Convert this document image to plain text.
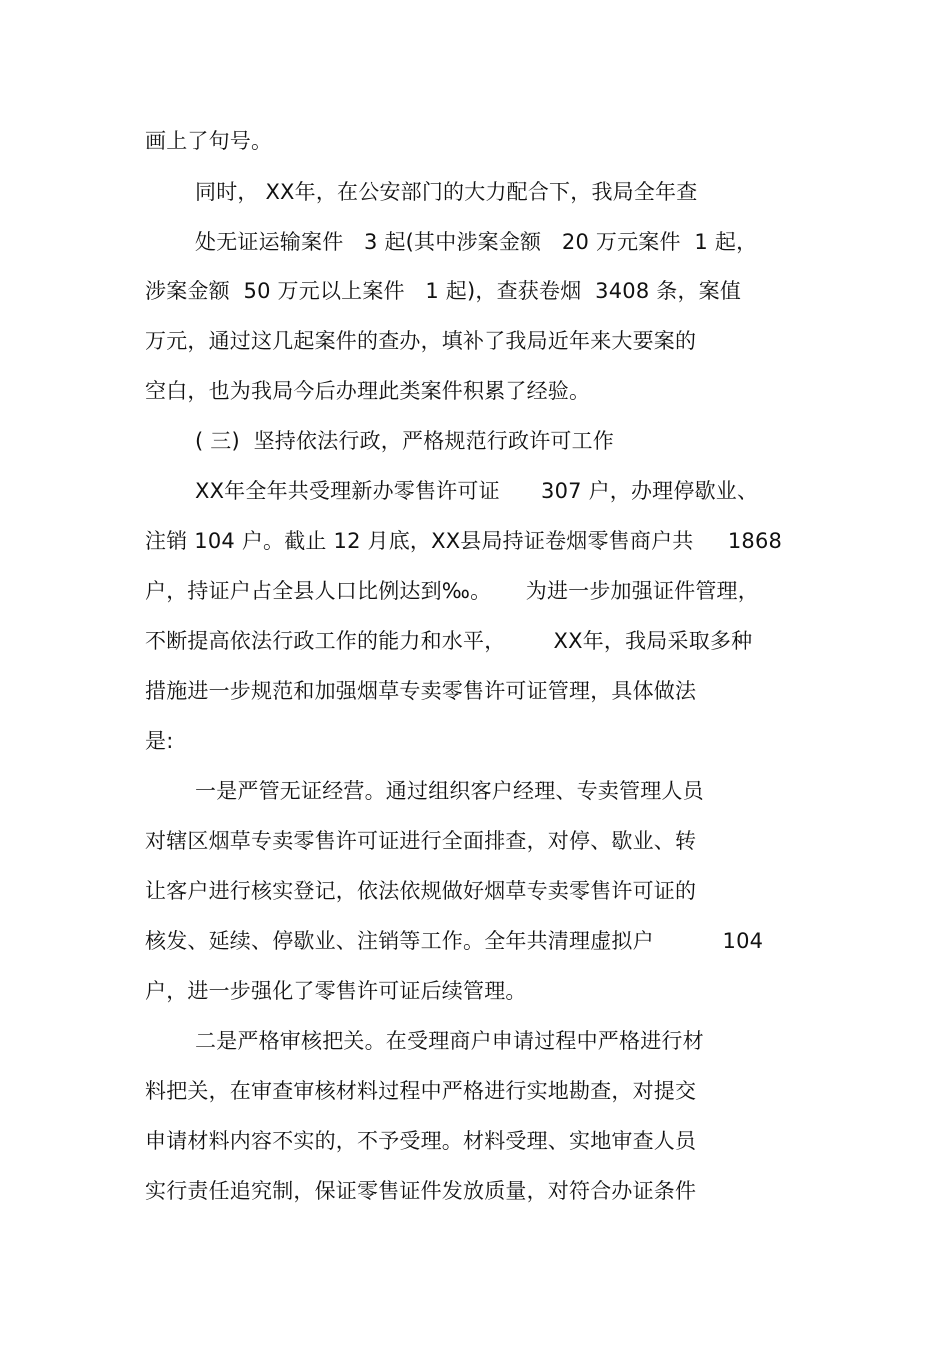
画上了句号。
同时， XX年，在公安部门的大力配合下，我局全年查
处无证运输案件   3 起(其中涉案金额   20 万元案件  1 起，
涉案金额  50 万元以上案件   1 起)，查获卷烟  3408 条，案值
万元，通过这几起案件的查办，填补了我局近年来大要案的
空白，也为我局今后办理此类案件积累了经验。
( 三)  坚持依法行政，严格规范行政许可工作
XX年全年共受理新办零售许可证      307 户，办理停歇业、
注销 104 户。截止 12 月底，XX县局持证卷烟零售商户共     1868
户，持证户占全县人口比例达到‰。     为进一步加强证件管理，
不断提高依法行政工作的能力和水平，       XX年，我局采取多种
措施进一步规范和加强烟草专卖零售许可证管理，具体做法
是:
一是严管无证经营。通过组织客户经理、专卖管理人员
对辖区烟草专卖零售许可证进行全面排查，对停、歇业、转
让客户进行核实登记，依法依规做好烟草专卖零售许可证的
核发、延续、停歇业、注销等工作。全年共清理虚拟户          104
户，进一步强化了零售许可证后续管理。
二是严格审核把关。在受理商户申请过程中严格进行材
料把关，在审查审核材料过程中严格进行实地勘查，对提交
申请材料内容不实的，不予受理。材料受理、实地审查人员
实行责任追究制，保证零售证件发放质量，对符合办证条件
